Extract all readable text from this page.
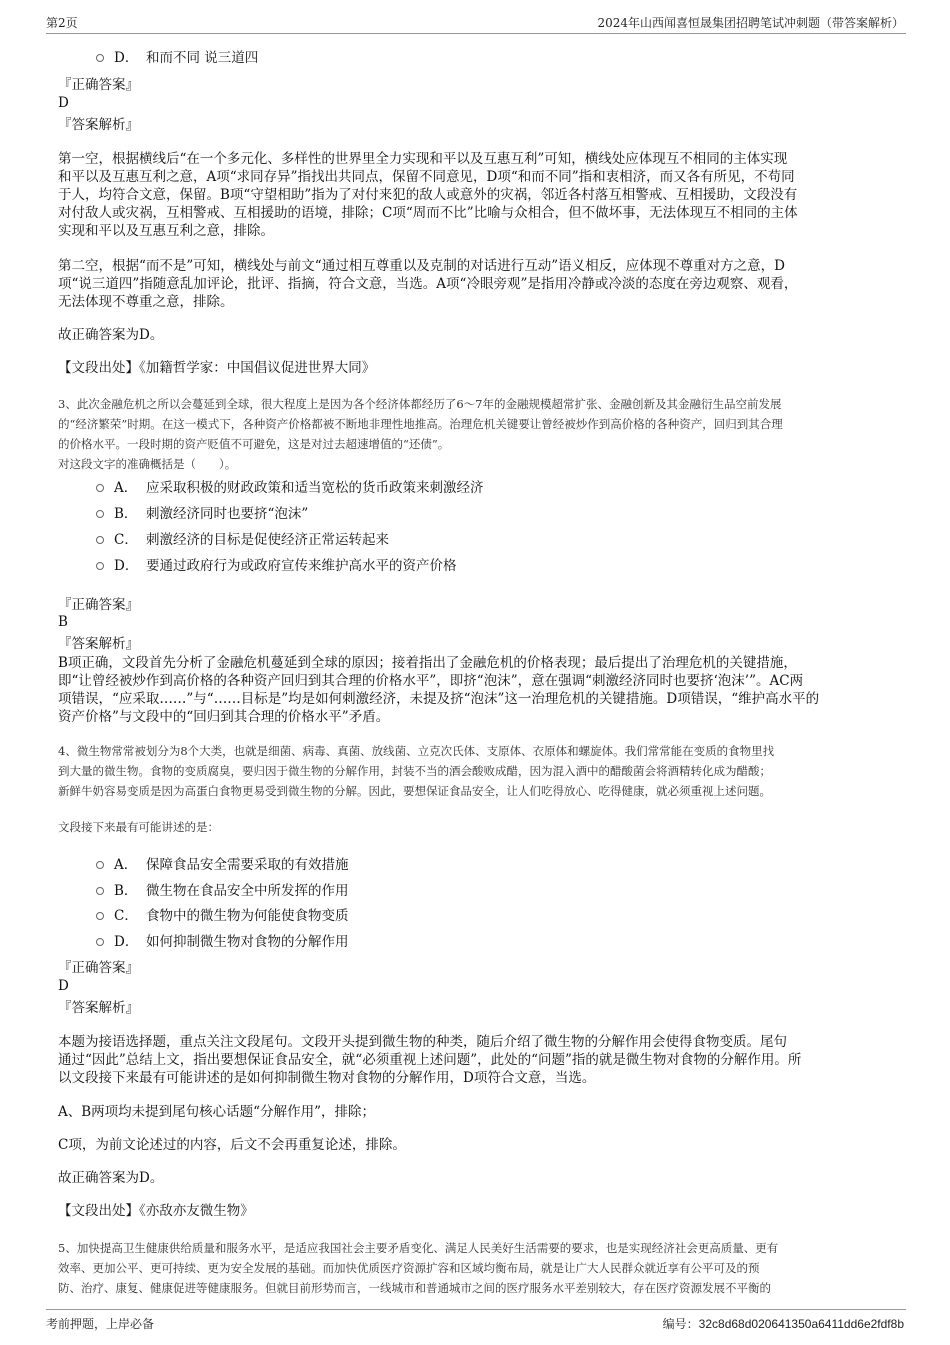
第2页	2024年山西闻喜恒晟集团招聘笔试冲刺题（带答案解析）
D． 和而不同 说三道四
『正确答案』
D
『答案解析』
第一空，根据横线后“在一个多元化、多样性的世界里全力实现和平以及互惠互利”可知，横线处应体现互不相同的主体实现
和平以及互惠互利之意，A项“求同存异”指找出共同点，保留不同意见，D项“和而不同”指和衷相济，而又各有所见，不苟同
于人，均符合文意，保留。B项“守望相助”指为了对付来犯的敌人或意外的灾祸，邻近各村落互相警戒、互相援助，文段没有
对付敌人或灾祸，互相警戒、互相援助的语境，排除；C项“周而不比”比喻与众相合，但不做坏事，无法体现互不相同的主体
实现和平以及互惠互利之意，排除。
第二空，根据“而不是”可知，横线处与前文“通过相互尊重以及克制的对话进行互动”语义相反，应体现不尊重对方之意，D
项“说三道四”指随意乱加评论，批评、指摘，符合文意，当选。A项“冷眼旁观”是指用冷静或冷淡的态度在旁边观察、观看，
无法体现不尊重之意，排除。
故正确答案为D。
【文段出处】《加籍哲学家：中国倡议促进世界大同》
3、此次金融危机之所以会蔓延到全球，很大程度上是因为各个经济体都经历了6～7年的金融规模超常扩张、金融创新及其金融衍生品空前发展
的“经济繁荣”时期。在这一模式下，各种资产价格都被不断地非理性地推高。治理危机关键要让曾经被炒作到高价格的各种资产，回归到其合理
的价格水平。一段时期的资产贬值不可避免，这是对过去超速增值的“还债”。
对这段文字的准确概括是（　　）。
A． 应采取积极的财政政策和适当宽松的货币政策来刺激经济
B． 刺激经济同时也要挤“泡沫”
C． 刺激经济的目标是促使经济正常运转起来
D． 要通过政府行为或政府宣传来维护高水平的资产价格
『正确答案』
B
『答案解析』
B项正确，文段首先分析了金融危机蔓延到全球的原因；接着指出了金融危机的价格表现；最后提出了治理危机的关键措施，
即“让曾经被炒作到高价格的各种资产回归到其合理的价格水平”，即挤“泡沫”，意在强调“刺激经济同时也要挤‘泡沫’”。AC两
项错误，“应采取……”与“……目标是”均是如何刺激经济，未提及挤“泡沫”这一治理危机的关键措施。D项错误，“维护高水平的
资产价格”与文段中的“回归到其合理的价格水平”矛盾。
4、微生物常常被划分为8个大类，也就是细菌、病毒、真菌、放线菌、立克次氏体、支原体、衣原体和螺旋体。我们常常能在变质的食物里找
到大量的微生物。食物的变质腐臭，要归因于微生物的分解作用，封装不当的酒会酸败成醋，因为混入酒中的醋酸菌会将酒精转化成为醋酸；
新鲜牛奶容易变质是因为高蛋白食物更易受到微生物的分解。因此，要想保证食品安全，让人们吃得放心、吃得健康，就必须重视上述问题。
文段接下来最有可能讲述的是：
A． 保障食品安全需要采取的有效措施
B． 微生物在食品安全中所发挥的作用
C． 食物中的微生物为何能使食物变质
D． 如何抑制微生物对食物的分解作用
『正确答案』
D
『答案解析』
本题为接语选择题，重点关注文段尾句。文段开头提到微生物的种类，随后介绍了微生物的分解作用会使得食物变质。尾句
通过“因此”总结上文，指出要想保证食品安全，就“必须重视上述问题”，此处的“问题”指的就是微生物对食物的分解作用。所
以文段接下来最有可能讲述的是如何抑制微生物对食物的分解作用，D项符合文意，当选。
A、B两项均未提到尾句核心话题“分解作用”，排除；
C项，为前文论述过的内容，后文不会再重复论述，排除。
故正确答案为D。
【文段出处】《亦敌亦友微生物》
5、加快提高卫生健康供给质量和服务水平，是适应我国社会主要矛盾变化、满足人民美好生活需要的要求，也是实现经济社会更高质量、更有
效率、更加公平、更可持续、更为安全发展的基础。而加快优质医疗资源扩容和区域均衡布局，就是让广大人民群众就近享有公平可及的预
防、治疗、康复、健康促进等健康服务。但就目前形势而言，一线城市和普通城市之间的医疗服务水平差别较大，存在医疗资源发展不平衡的
考前押题，上岸必备	编号：32c8d68d020641350a6411dd6e2fdf8b
